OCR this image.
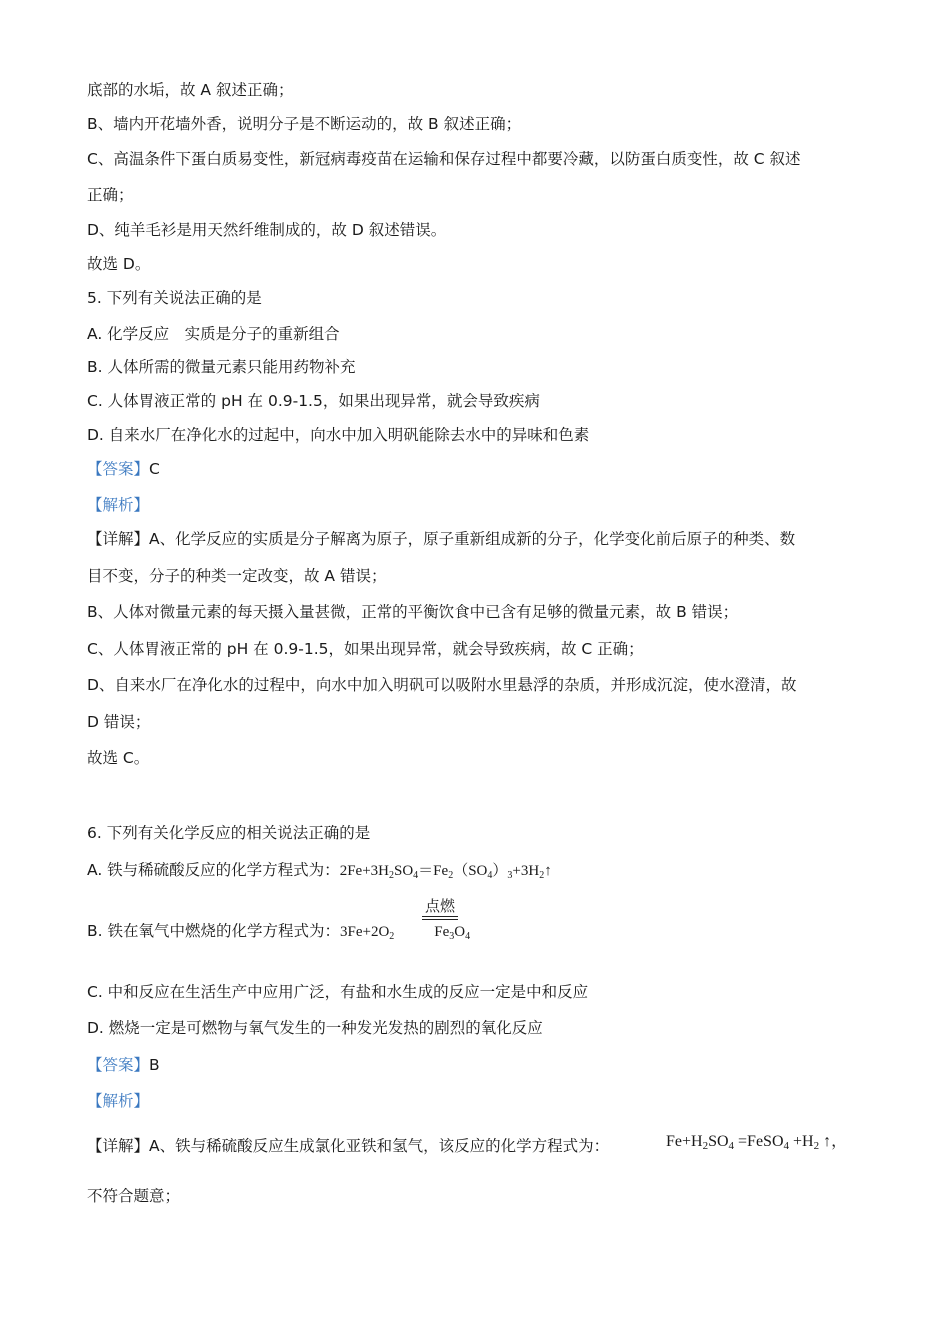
底部的水垢，故 A 叙述正确；
B、墙内开花墙外香，说明分子是不断运动的，故 B 叙述正确；
C、高温条件下蛋白质易变性，新冠病毒疫苗在运输和保存过程中都要冷藏，以防蛋白质变性，故 C 叙述
正确；
D、纯羊毛衫是用天然纤维制成的，故 D 叙述错误。
故选 D。
5. 下列有关说法正确的是
A. 化学反应　实质是分子的重新组合
B. 人体所需的微量元素只能用药物补充
C. 人体胃液正常的 pH 在 0.9-1.5，如果出现异常，就会导致疾病
D. 自来水厂在净化水的过起中，向水中加入明矾能除去水中的异味和色素
【答案】C
【解析】
【详解】A、化学反应的实质是分子解离为原子，原子重新组成新的分子，化学变化前后原子的种类、数
目不变，分子的种类一定改变，故 A 错误；
B、人体对微量元素的每天摄入量甚微，正常的平衡饮食中已含有足够的微量元素，故 B 错误；
C、人体胃液正常的 pH 在 0.9-1.5，如果出现异常，就会导致疾病，故 C 正确；
D、自来水厂在净化水的过程中，向水中加入明矾可以吸附水里悬浮的杂质，并形成沉淀，使水澄清，故
D 错误；
故选 C。
6. 下列有关化学反应的相关说法正确的是
A. 铁与稀硫酸反应的化学方程式为：$2Fe+3H_2SO_4=Fe_2(SO_4)_3+3H_2↑$
B. 铁在氧气中燃烧的化学方程式为：$3Fe+2O_2$	$Fe_3O_4$
点燃
C. 中和反应在生活生产中应用广泛，有盐和水生成的反应一定是中和反应
D. 燃烧一定是可燃物与氧气发生的一种发光发热的剧烈的氧化反应
【答案】B
【解析】
【详解】A、铁与稀硫酸反应生成氯化亚铁和氢气，该反应的化学方程式为：	$Fe+H_2SO_4$ =FeSO$_4$ $+H_2$ ↑，
不符合题意；
